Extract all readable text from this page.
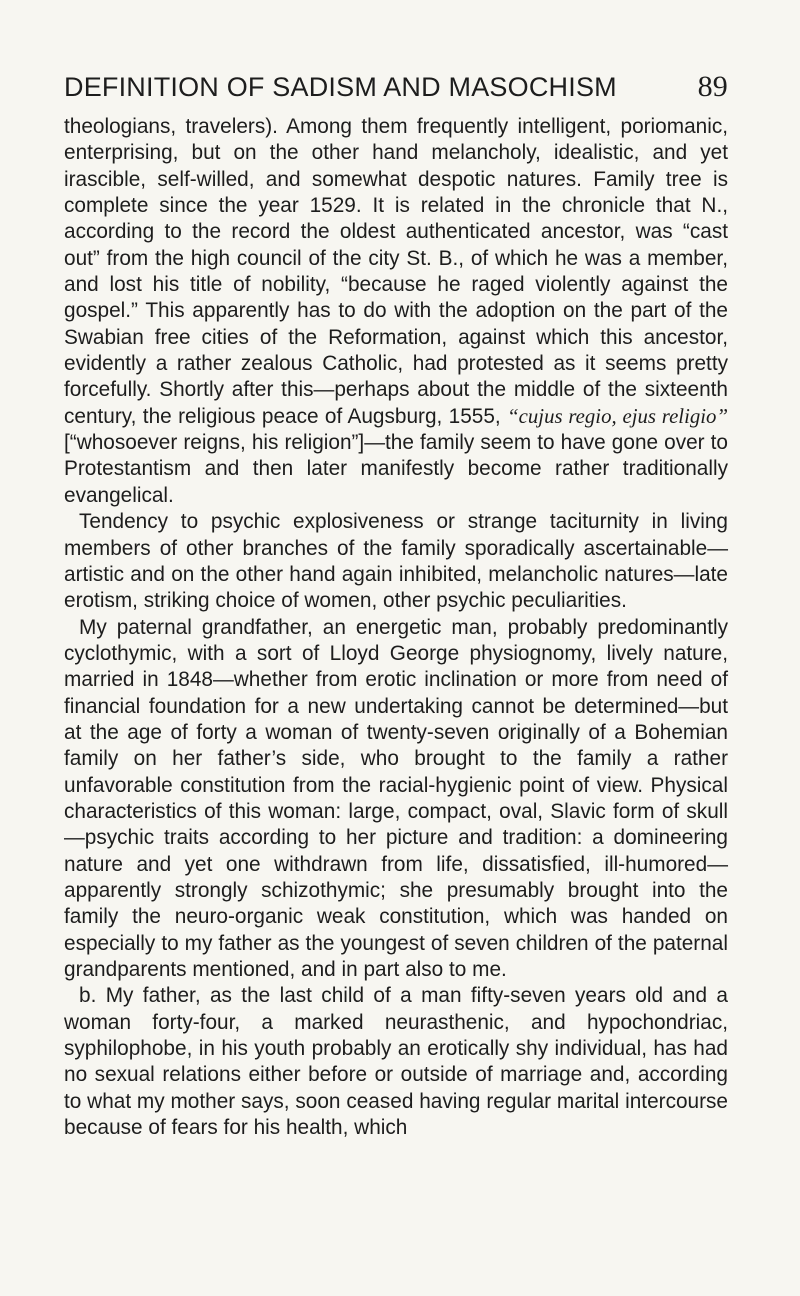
DEFINITION OF SADISM AND MASOCHISM	89

theologians, travelers). Among them frequently intelligent, poriomanic, enterprising, but on the other hand melancholy, idealistic, and yet irascible, self-willed, and somewhat despotic natures. Family tree is complete since the year 1529. It is related in the chronicle that N., according to the record the oldest authenticated ancestor, was “cast out” from the high council of the city St. B., of which he was a member, and lost his title of nobility, “because he raged violently against the gospel.” This apparently has to do with the adoption on the part of the Swabian free cities of the Reformation, against which this ancestor, evidently a rather zealous Catholic, had protested as it seems pretty forcefully. Shortly after this—perhaps about the middle of the sixteenth century, the religious peace of Augsburg, 1555, “cujus regio, ejus religio” [“whosoever reigns, his religion”]—the family seem to have gone over to Protestantism and then later manifestly become rather traditionally evangelical.

Tendency to psychic explosiveness or strange taciturnity in living members of other branches of the family sporadically ascertainable—artistic and on the other hand again inhibited, melancholic natures—late erotism, striking choice of women, other psychic peculiarities.

My paternal grandfather, an energetic man, probably predominantly cyclothymic, with a sort of Lloyd George physiognomy, lively nature, married in 1848—whether from erotic inclination or more from need of financial foundation for a new undertaking cannot be determined—but at the age of forty a woman of twenty-seven originally of a Bohemian family on her father’s side, who brought to the family a rather unfavorable constitution from the racial-hygienic point of view. Physical characteristics of this woman: large, compact, oval, Slavic form of skull—psychic traits according to her picture and tradition: a domineering nature and yet one withdrawn from life, dissatisfied, ill-humored—apparently strongly schizothymic; she presumably brought into the family the neuro-organic weak constitution, which was handed on especially to my father as the youngest of seven children of the paternal grandparents mentioned, and in part also to me.

b. My father, as the last child of a man fifty-seven years old and a woman forty-four, a marked neurasthenic, and hypochondriac, syphilophobe, in his youth probably an erotically shy individual, has had no sexual relations either before or outside of marriage and, according to what my mother says, soon ceased having regular marital intercourse because of fears for his health, which
